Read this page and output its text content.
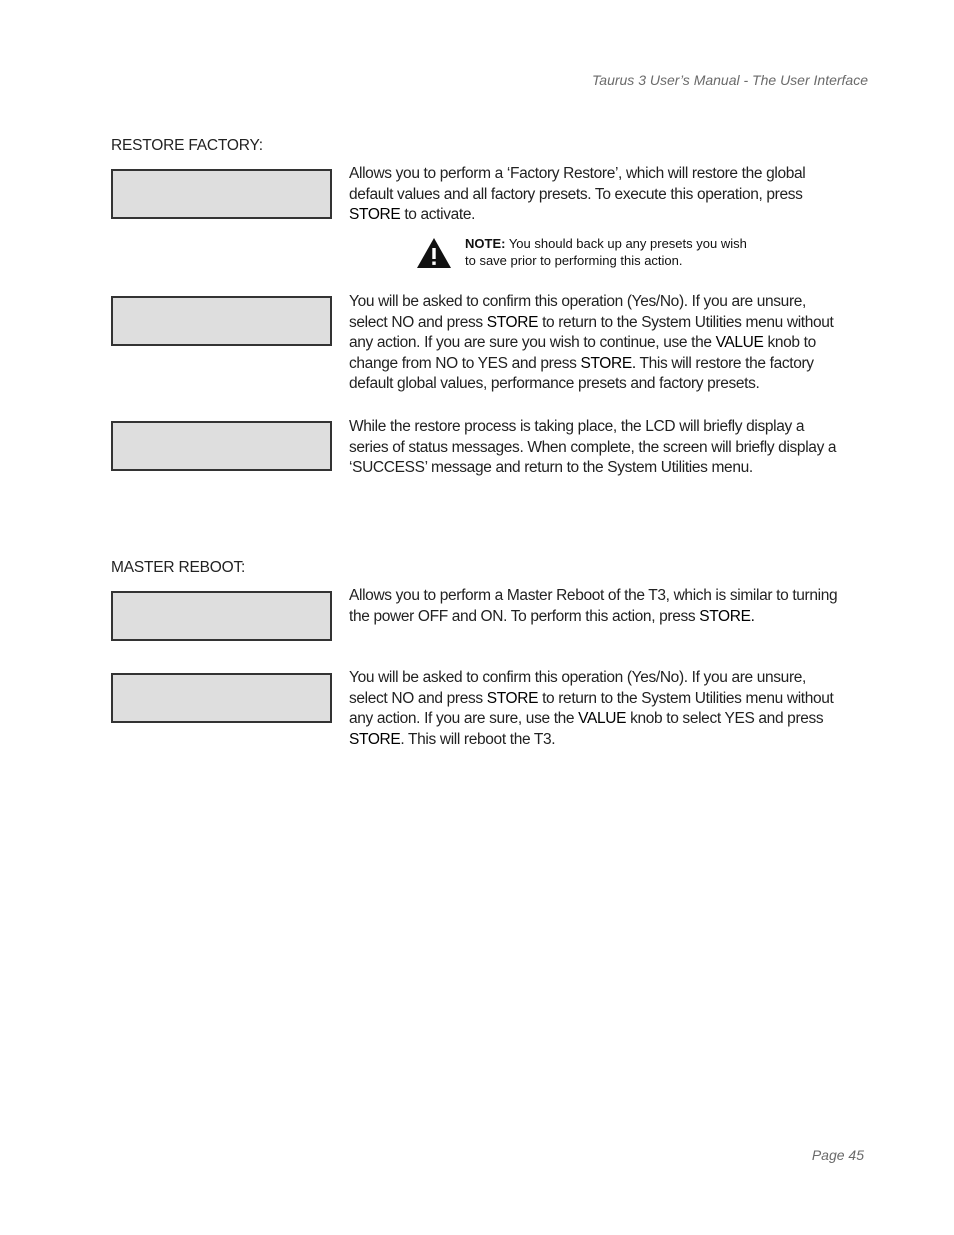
Taurus 3 User’s Manual - The User Interface
RESTORE FACTORY:

Allows you to perform a ‘Factory Restore’, which will restore the global default values and all factory presets. To execute this operation, press STORE to activate.
NOTE: You should back up any presets you wish to save prior to performing this action.

You will be asked to confirm this operation (Yes/No). If you are unsure, select NO and press STORE to return to the System Utilities menu without any action. If you are sure you wish to continue, use the VALUE knob to change from NO to YES and press STORE. This will restore the factory default global values, performance presets and factory presets.

While the restore process is taking place, the LCD will briefly display a series of status messages. When complete, the screen will briefly display a ‘SUCCESS’ message and return to the System Utilities menu.
MASTER REBOOT:

Allows you to perform a Master Reboot of the T3, which is similar to turning the power OFF and ON. To perform this action, press STORE.

You will be asked to confirm this operation (Yes/No). If you are unsure, select NO and press STORE to return to the System Utilities menu without any action. If you are sure, use the VALUE knob to select YES and press STORE. This will reboot the T3.
Page 45
